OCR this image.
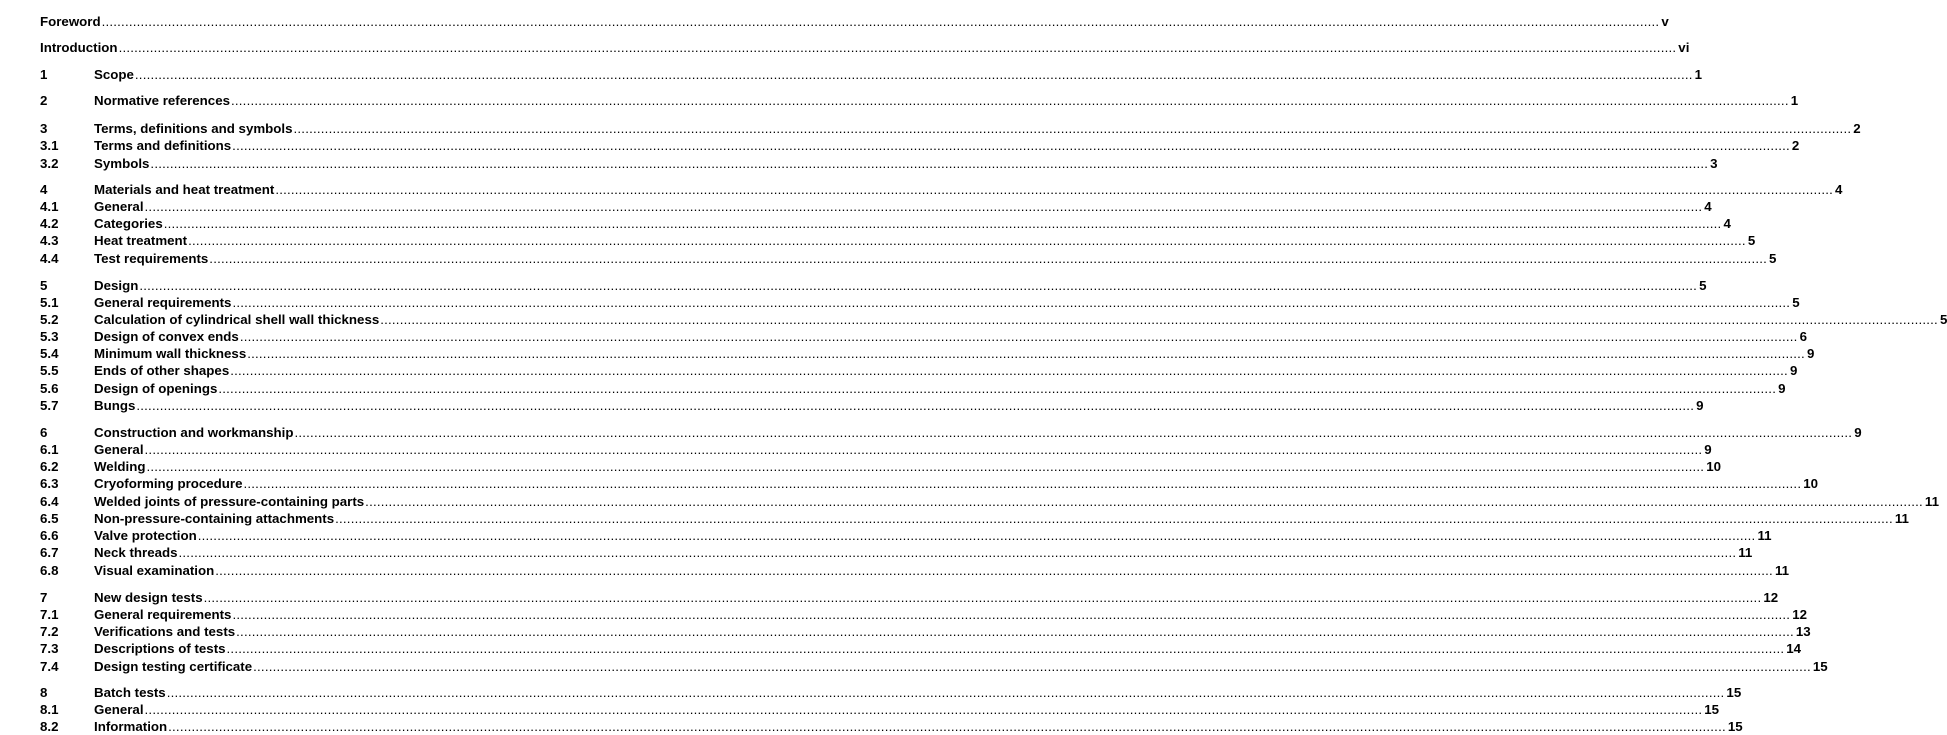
Foreword ................................................................................................................................................................................................................................................................................................................................................................................................................ v
Introduction ................................................................................................................................................................................................................................................................................................................................................................................................................ vi
1	Scope ................................................................................................................................................................................................................................................................................................................................................................................................................ 1
2	Normative references ................................................................................................................................................................................................................................................................................................................................................................................................................ 1
3	Terms, definitions and symbols ................................................................................................................................................................................................................................................................................................................................................................................................................ 2
3.1	Terms and definitions ................................................................................................................................................................................................................................................................................................................................................................................................................ 2
3.2	Symbols ................................................................................................................................................................................................................................................................................................................................................................................................................ 3
4	Materials and heat treatment ................................................................................................................................................................................................................................................................................................................................................................................................................ 4
4.1	General ................................................................................................................................................................................................................................................................................................................................................................................................................ 4
4.2	Categories ................................................................................................................................................................................................................................................................................................................................................................................................................ 4
4.3	Heat treatment ................................................................................................................................................................................................................................................................................................................................................................................................................ 5
4.4	Test requirements ................................................................................................................................................................................................................................................................................................................................................................................................................ 5
5	Design ................................................................................................................................................................................................................................................................................................................................................................................................................ 5
5.1	General requirements ................................................................................................................................................................................................................................................................................................................................................................................................................ 5
5.2	Calculation of cylindrical shell wall thickness ................................................................................................................................................................................................................................................................................................................................................................................................................ 5
5.3	Design of convex ends ................................................................................................................................................................................................................................................................................................................................................................................................................ 6
5.4	Minimum wall thickness ................................................................................................................................................................................................................................................................................................................................................................................................................ 9
5.5	Ends of other shapes ................................................................................................................................................................................................................................................................................................................................................................................................................ 9
5.6	Design of openings ................................................................................................................................................................................................................................................................................................................................................................................................................ 9
5.7	Bungs ................................................................................................................................................................................................................................................................................................................................................................................................................ 9
6	Construction and workmanship ................................................................................................................................................................................................................................................................................................................................................................................................................ 9
6.1	General ................................................................................................................................................................................................................................................................................................................................................................................................................ 9
6.2	Welding ................................................................................................................................................................................................................................................................................................................................................................................................................ 10
6.3	Cryoforming procedure ................................................................................................................................................................................................................................................................................................................................................................................................................ 10
6.4	Welded joints of pressure-containing parts ................................................................................................................................................................................................................................................................................................................................................................................................................ 11
6.5	Non-pressure-containing attachments ................................................................................................................................................................................................................................................................................................................................................................................................................ 11
6.6	Valve protection ................................................................................................................................................................................................................................................................................................................................................................................................................ 11
6.7	Neck threads ................................................................................................................................................................................................................................................................................................................................................................................................................ 11
6.8	Visual examination ................................................................................................................................................................................................................................................................................................................................................................................................................ 11
7	New design tests ................................................................................................................................................................................................................................................................................................................................................................................................................ 12
7.1	General requirements ................................................................................................................................................................................................................................................................................................................................................................................................................ 12
7.2	Verifications and tests ................................................................................................................................................................................................................................................................................................................................................................................................................ 13
7.3	Descriptions of tests ................................................................................................................................................................................................................................................................................................................................................................................................................ 14
7.4	Design testing certificate ................................................................................................................................................................................................................................................................................................................................................................................................................ 15
8	Batch tests ................................................................................................................................................................................................................................................................................................................................................................................................................ 15
8.1	General ................................................................................................................................................................................................................................................................................................................................................................................................................ 15
8.2	Information ................................................................................................................................................................................................................................................................................................................................................................................................................ 15
